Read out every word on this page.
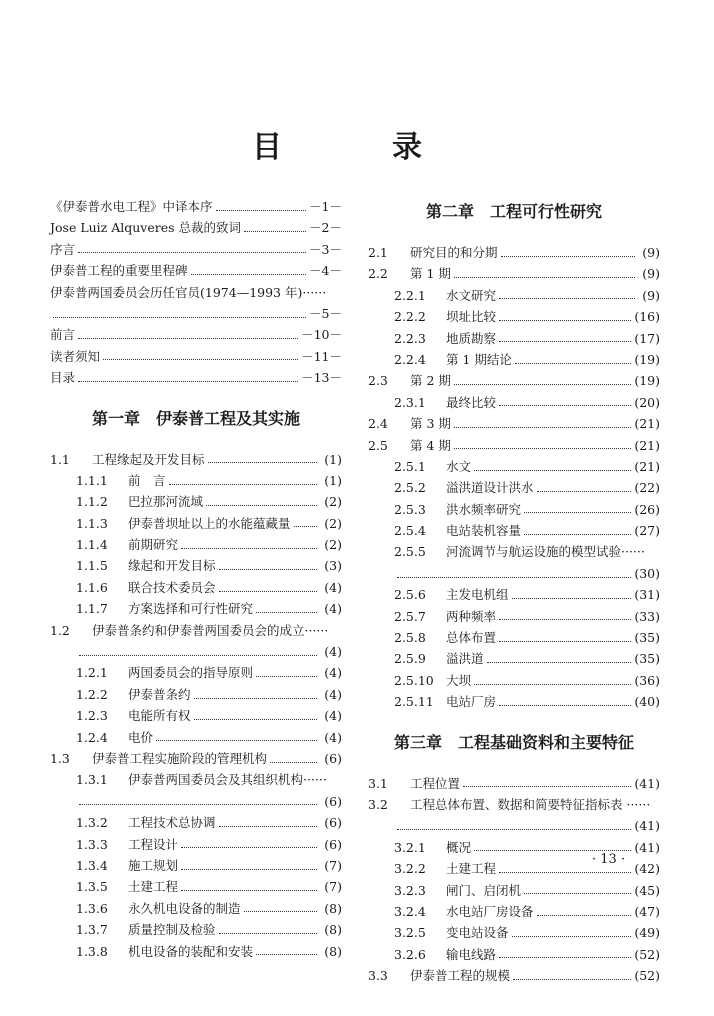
目　录
《伊泰普水电工程》中译本序	－1－
Jose Luiz Alquveres 总裁的致词	－2－
序言	－3－
伊泰普工程的重要里程碑	－4－
伊泰普两国委员会历任官员(1974—1993 年)······
－5－
前言	－10－
读者须知	－11－
目录	－13－
第一章　伊泰普工程及其实施
1.1	工程缘起及开发目标	(1)
1.1.1	前　言	(1)
1.1.2	巴拉那河流域	(2)
1.1.3	伊泰普坝址以上的水能蕴藏量	(2)
1.1.4	前期研究	(2)
1.1.5	缘起和开发目标	(3)
1.1.6	联合技术委员会	(4)
1.1.7	方案选择和可行性研究	(4)
1.2	伊泰普条约和伊泰普两国委员会的成立······
(4)
1.2.1	两国委员会的指导原则	(4)
1.2.2	伊泰普条约	(4)
1.2.3	电能所有权	(4)
1.2.4	电价	(4)
1.3	伊泰普工程实施阶段的管理机构	(6)
1.3.1	伊泰普两国委员会及其组织机构······
(6)
1.3.2	工程技术总协调	(6)
1.3.3	工程设计	(6)
1.3.4	施工规划	(7)
1.3.5	土建工程	(7)
1.3.6	永久机电设备的制造	(8)
1.3.7	质量控制及检验	(8)
1.3.8	机电设备的装配和安装	(8)
第二章　工程可行性研究
2.1	研究目的和分期	(9)
2.2	第 1 期	(9)
2.2.1	水文研究	(9)
2.2.2	坝址比较	(16)
2.2.3	地质勘察	(17)
2.2.4	第 1 期结论	(19)
2.3	第 2 期	(19)
2.3.1	最终比较	(20)
2.4	第 3 期	(21)
2.5	第 4 期	(21)
2.5.1	水文	(21)
2.5.2	溢洪道设计洪水	(22)
2.5.3	洪水频率研究	(26)
2.5.4	电站装机容量	(27)
2.5.5	河流调节与航运设施的模型试验······
(30)
2.5.6	主发电机组	(31)
2.5.7	两种频率	(33)
2.5.8	总体布置	(35)
2.5.9	溢洪道	(35)
2.5.10 大坝	(36)
2.5.11 电站厂房	(40)
第三章　工程基础资料和主要特征
3.1	工程位置	(41)
3.2	工程总体布置、数据和简要特征指标表 ······
(41)
3.2.1	概况	(41)
3.2.2	土建工程	(42)
3.2.3	闸门、启闭机	(45)
3.2.4	水电站厂房设备	(47)
3.2.5	变电站设备	(49)
3.2.6	输电线路	(52)
3.3	伊泰普工程的规模	(52)
· 13 ·
